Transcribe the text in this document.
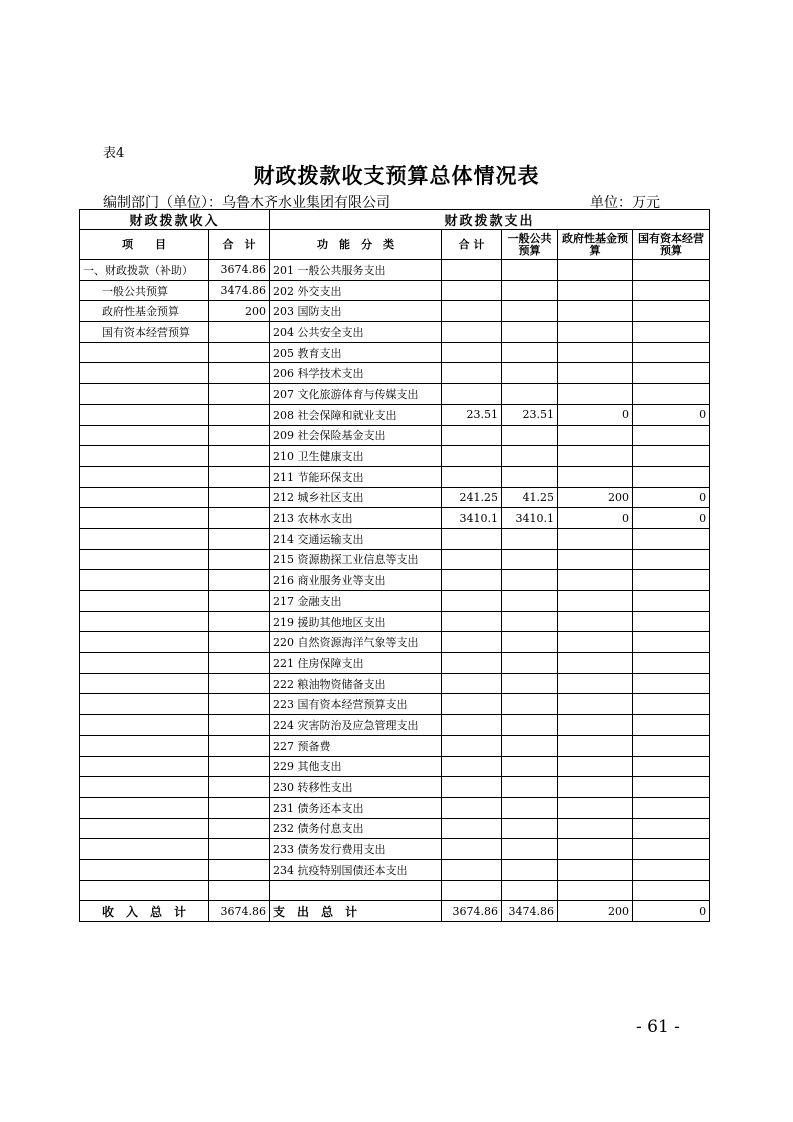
表4
财政拨款收支预算总体情况表
编制部门（单位）：乌鲁木齐水业集团有限公司	单位：万元
财政拨款收入		财政拨款支出				
项　　目	合　计	功　能　分　类	合 计	一般公共预算	政府性基金预算	国有资本经营预算
一、财政拨款（补助）	3674.86	201 一般公共服务支出				
一般公共预算	3474.86	202 外交支出				
政府性基金预算	200	203 国防支出				
国有资本经营预算		204 公共安全支出				
		205 教育支出				
		206 科学技术支出				
		207 文化旅游体育与传媒支出				
		208 社会保障和就业支出	23.51	23.51	0	0
		209 社会保险基金支出				
		210 卫生健康支出				
		211 节能环保支出				
		212 城乡社区支出	241.25	41.25	200	0
		213 农林水支出	3410.1	3410.1	0	0
		214 交通运输支出				
		215 资源勘探工业信息等支出				
		216 商业服务业等支出				
		217 金融支出				
		219 援助其他地区支出				
		220 自然资源海洋气象等支出				
		221 住房保障支出				
		222 粮油物资储备支出				
		223 国有资本经营预算支出				
		224 灾害防治及应急管理支出				
		227 预备费				
		229 其他支出				
		230 转移性支出				
		231 债务还本支出				
		232 债务付息支出				
		233 债务发行费用支出				
		234 抗疫特别国债还本支出				

收　入　总　计	3674.86	支　出　总　计	3674.86	3474.86	200	0
- 61 -
